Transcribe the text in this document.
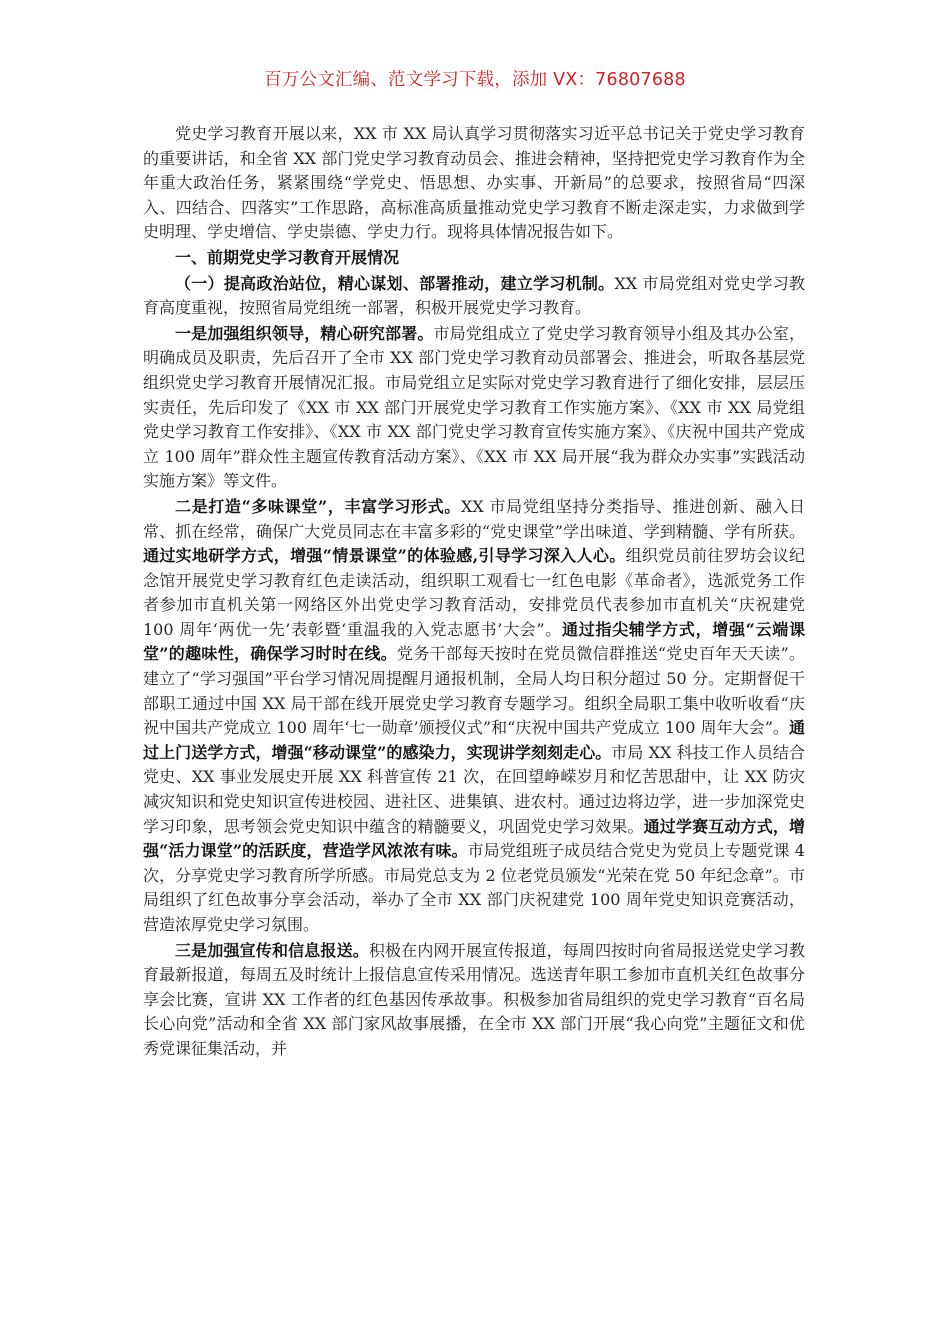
百万公文汇编、范文学习下载，添加 VX：76807688

党史学习教育开展以来，XX 市 XX 局认真学习贯彻落实习近平总书记关于党史学习教育的重要讲话，和全省 XX 部门党史学习教育动员会、推进会精神，坚持把党史学习教育作为全年重大政治任务，紧紧围绕“学党史、悟思想、办实事、开新局”的总要求，按照省局“四深入、四结合、四落实”工作思路，高标准高质量推动党史学习教育不断走深走实，力求做到学史明理、学史增信、学史崇德、学史力行。现将具体情况报告如下。

一、前期党史学习教育开展情况

（一）提高政治站位，精心谋划、部署推动，建立学习机制。XX 市局党组对党史学习教育高度重视，按照省局党组统一部署，积极开展党史学习教育。

一是加强组织领导，精心研究部署。市局党组成立了党史学习教育领导小组及其办公室，明确成员及职责，先后召开了全市 XX 部门党史学习教育动员部署会、推进会，听取各基层党组织党史学习教育开展情况汇报。市局党组立足实际对党史学习教育进行了细化安排，层层压实责任，先后印发了《XX 市 XX 部门开展党史学习教育工作实施方案》、《XX 市 XX 局党组党史学习教育工作安排》、《XX 市 XX 部门党史学习教育宣传实施方案》、《庆祝中国共产党成立 100 周年”群众性主题宣传教育活动方案》、《XX 市 XX 局开展“我为群众办实事”实践活动实施方案》等文件。

二是打造“多味课堂”，丰富学习形式。XX 市局党组坚持分类指导、推进创新、融入日常、抓在经常，确保广大党员同志在丰富多彩的“党史课堂”学出味道、学到精髓、学有所获。通过实地研学方式，增强“情景课堂”的体验感,引导学习深入人心。组织党员前往罗坊会议纪念馆开展党史学习教育红色走读活动，组织职工观看七一红色电影《革命者》，选派党务工作者参加市直机关第一网络区外出党史学习教育活动，安排党员代表参加市直机关“庆祝建党 100 周年‘两优一先’表彰暨‘重温我的入党志愿书’大会”。通过指尖辅学方式，增强“云端课堂”的趣味性，确保学习时时在线。党务干部每天按时在党员微信群推送“党史百年天天读”。建立了“学习强国”平台学习情况周提醒月通报机制，全局人均日积分超过 50 分。定期督促干部职工通过中国 XX 局干部在线开展党史学习教育专题学习。组织全局职工集中收听收看“庆祝中国共产党成立 100 周年‘七一勋章’颁授仪式”和“庆祝中国共产党成立 100 周年大会”。通过上门送学方式，增强“移动课堂”的感染力，实现讲学刻刻走心。市局 XX 科技工作人员结合党史、XX 事业发展史开展 XX 科普宣传 21 次，在回望峥嵘岁月和忆苦思甜中，让 XX 防灾减灾知识和党史知识宣传进校园、进社区、进集镇、进农村。通过边将边学，进一步加深党史学习印象，思考领会党史知识中蕴含的精髓要义，巩固党史学习效果。通过学赛互动方式，增强“活力课堂”的活跃度，营造学风浓浓有味。市局党组班子成员结合党史为党员上专题党课 4 次，分享党史学习教育所学所感。市局党总支为 2 位老党员颁发“光荣在党 50 年纪念章”。市局组织了红色故事分享会活动，举办了全市 XX 部门庆祝建党 100 周年党史知识竞赛活动，营造浓厚党史学习氛围。

三是加强宣传和信息报送。积极在内网开展宣传报道，每周四按时向省局报送党史学习教育最新报道，每周五及时统计上报信息宣传采用情况。选送青年职工参加市直机关红色故事分享会比赛，宣讲 XX 工作者的红色基因传承故事。积极参加省局组织的党史学习教育“百名局长心向党”活动和全省 XX 部门家风故事展播，在全市 XX 部门开展“我心向党”主题征文和优秀党课征集活动，并
